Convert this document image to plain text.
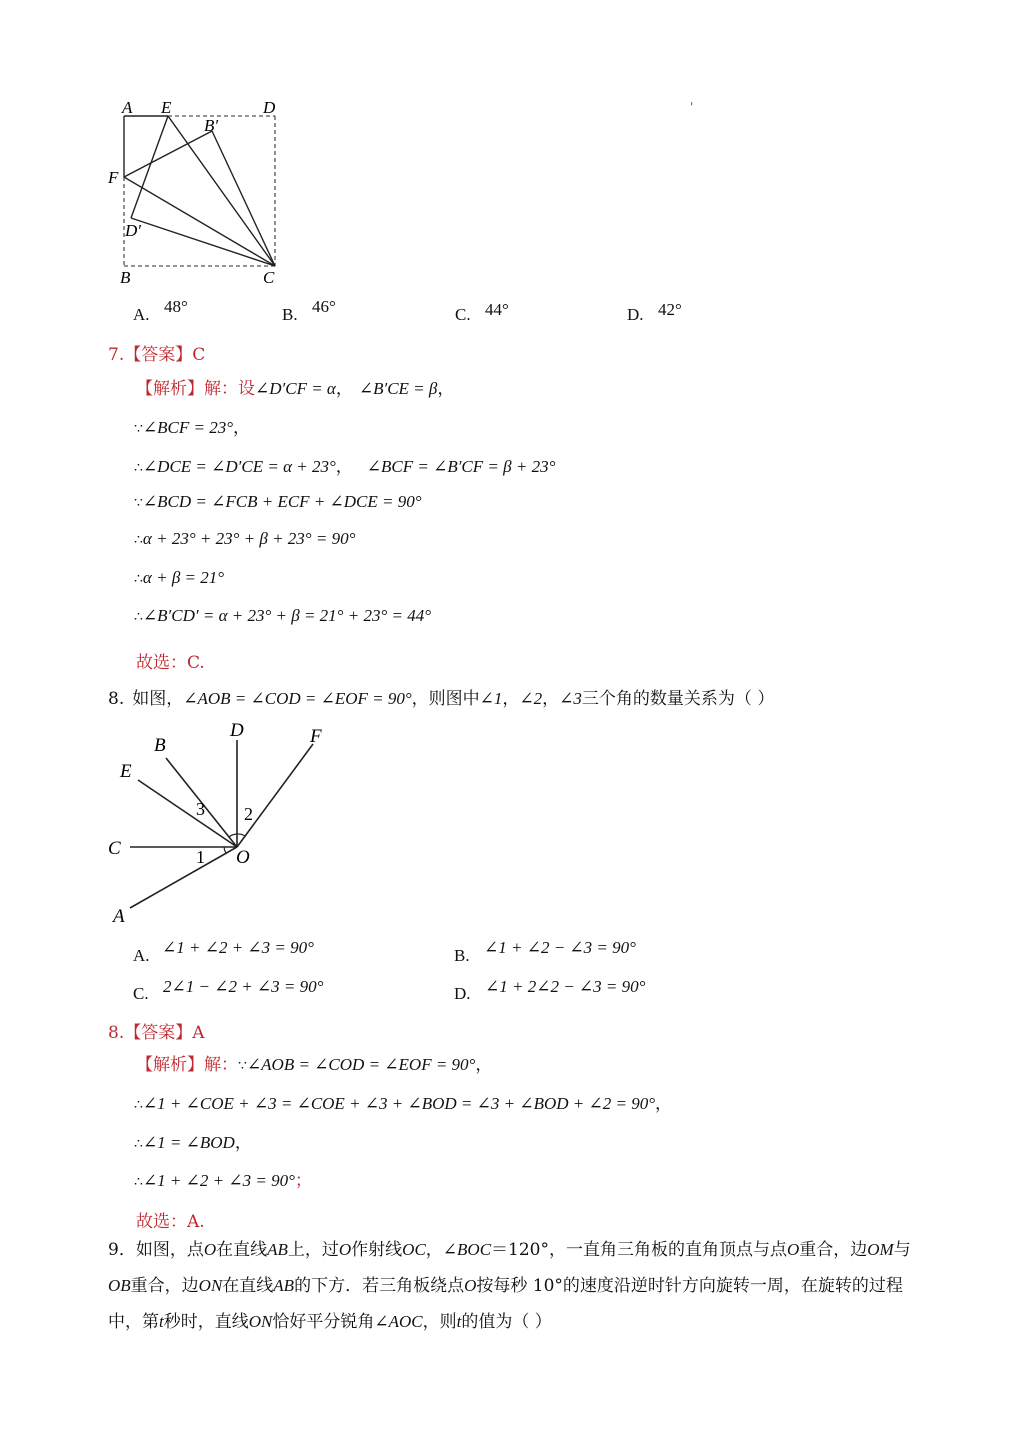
A E	D
B′
F
D′
B	C
'
A. 48°	B. 46°	C. 44°	D. 42°
7.【答案】C
【解析】解：设∠D′CF = α， ∠B′CE = β，
∵∠BCF = 23°，
∴∠DCE = ∠D′CE = α + 23°， ∠BCF = ∠B′CF = β + 23°
∵∠BCD = ∠FCB + ECF + ∠DCE = 90°
∴α + 23° + 23° + β + 23° = 90°
∴α + β = 21°
∴∠B′CD′ = α + 23° + β = 21° + 23° = 44°
故选：C.
8. 如图，∠AOB = ∠COD = ∠EOF = 90°，则图中∠1，∠2，∠3三个角的数量关系为（ ）
D	F
B
E
C	O
A
1
2
3
A. ∠1 + ∠2 + ∠3 = 90°	B. ∠1 + ∠2 − ∠3 = 90°
C. 2∠1 − ∠2 + ∠3 = 90°	D. ∠1 + 2∠2 − ∠3 = 90°
8.【答案】A
【解析】解：∵∠AOB = ∠COD = ∠EOF = 90°，
∴∠1 + ∠COE + ∠3 = ∠COE + ∠3 + ∠BOD = ∠3 + ∠BOD + ∠2 = 90°，
∴∠1 = ∠BOD，
∴∠1 + ∠2 + ∠3 = 90°；
故选：A.
9．如图，点O在直线AB上，过O作射线OC，∠BOC＝120°，一直角三角板的直角顶点与点O重合，边OM与OB重合，边ON在直线AB的下方．若三角板绕点O按每秒 10°的速度沿逆时针方向旋转一周，在旋转的过程中，第t秒时，直线ON恰好平分锐角∠AOC，则t的值为（ ）
